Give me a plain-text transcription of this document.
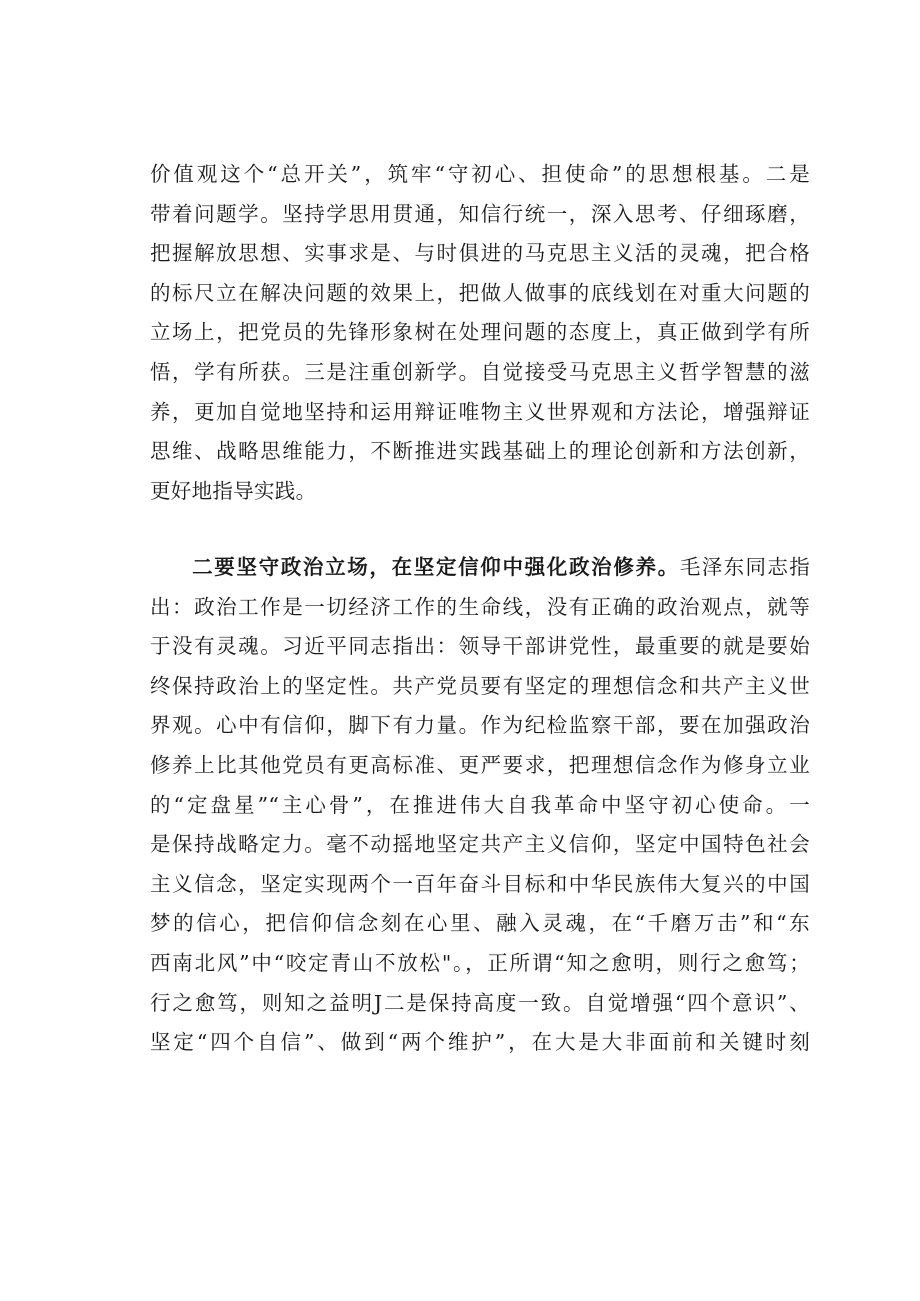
价值观这个“总开关”，筑牢“守初心、担使命”的思想根基。二是
带着问题学。坚持学思用贯通，知信行统一，深入思考、仔细琢磨，
把握解放思想、实事求是、与时俱进的马克思主义活的灵魂，把合格
的标尺立在解决问题的效果上，把做人做事的底线划在对重大问题的
立场上，把党员的先锋形象树在处理问题的态度上，真正做到学有所
悟，学有所获。三是注重创新学。自觉接受马克思主义哲学智慧的滋
养，更加自觉地坚持和运用辩证唯物主义世界观和方法论，增强辩证
思维、战略思维能力，不断推进实践基础上的理论创新和方法创新，
更好地指导实践。
二要坚守政治立场，在坚定信仰中强化政治修养。毛泽东同志指
出：政治工作是一切经济工作的生命线，没有正确的政治观点，就等
于没有灵魂。习近平同志指出：领导干部讲党性，最重要的就是要始
终保持政治上的坚定性。共产党员要有坚定的理想信念和共产主义世
界观。心中有信仰，脚下有力量。作为纪检监察干部，要在加强政治
修养上比其他党员有更高标准、更严要求，把理想信念作为修身立业
的“定盘星”“主心骨”，在推进伟大自我革命中坚守初心使命。一
是保持战略定力。毫不动摇地坚定共产主义信仰，坚定中国特色社会
主义信念，坚定实现两个一百年奋斗目标和中华民族伟大复兴的中国
梦的信心，把信仰信念刻在心里、融入灵魂，在“千磨万击”和“东
西南北风”中“咬定青山不放松"。，正所谓“知之愈明，则行之愈笃；
行之愈笃，则知之益明J二是保持高度一致。自觉增强“四个意识”、
坚定“四个自信”、做到“两个维护”，在大是大非面前和关键时刻
